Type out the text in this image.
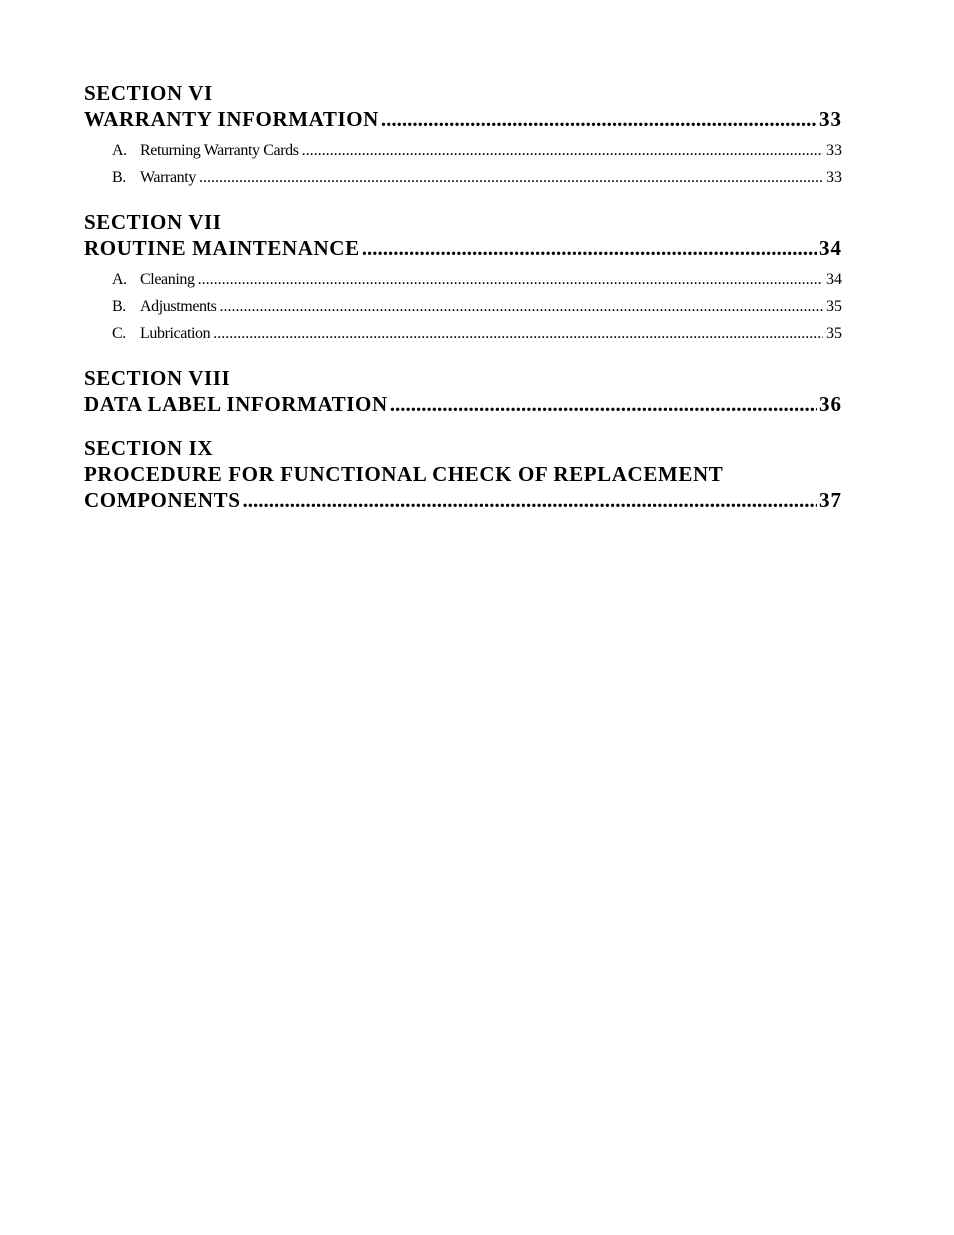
SECTION VI
WARRANTY INFORMATION .....	33
A. Returning Warranty Cards .....	33
B. Warranty .....	33
SECTION VII
ROUTINE MAINTENANCE .....	34
A. Cleaning .....	34
B. Adjustments .....	35
C. Lubrication .....	35
SECTION VIII
DATA LABEL INFORMATION .....	36
SECTION IX
PROCEDURE FOR FUNCTIONAL CHECK OF REPLACEMENT
COMPONENTS .....	37
